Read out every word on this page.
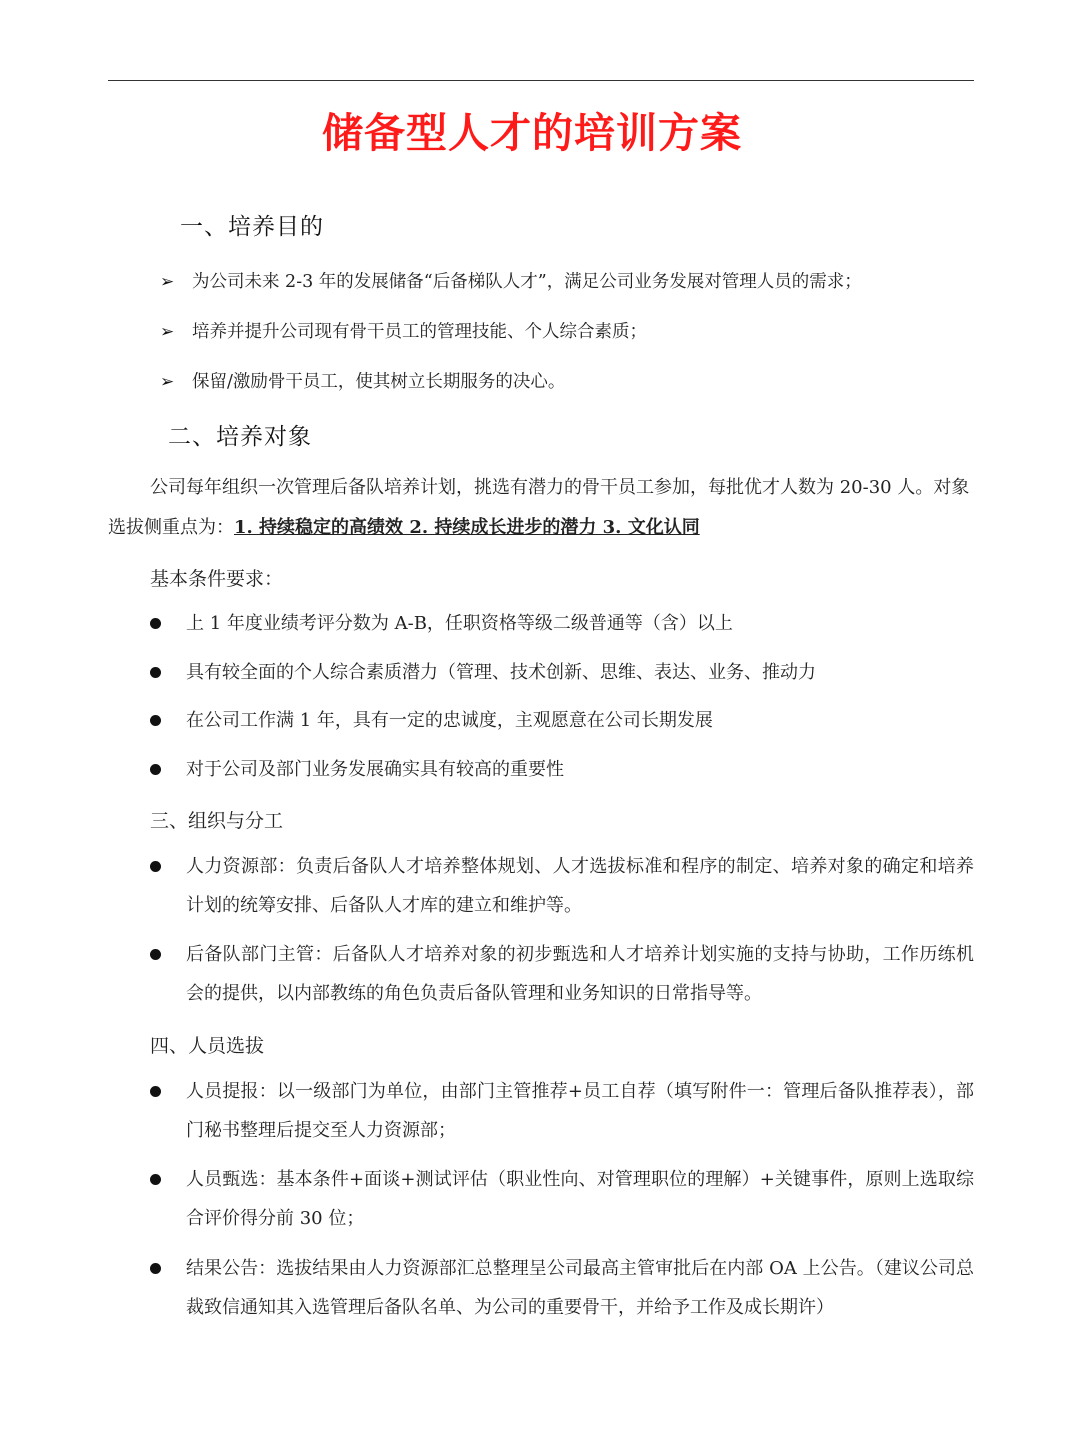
储备型人才的培训方案
一、培养目的
➢ 为公司未来 2-3 年的发展储备“后备梯队人才”，满足公司业务发展对管理人员的需求；
➢ 培养并提升公司现有骨干员工的管理技能、个人综合素质；
➢ 保留/激励骨干员工，使其树立长期服务的决心。
二、培养对象
公司每年组织一次管理后备队培养计划，挑选有潜力的骨干员工参加，每批优才人数为 20-30 人。对象选拔侧重点为：1. 持续稳定的高绩效 2. 持续成长进步的潜力 3. 文化认同
基本条件要求：
上 1 年度业绩考评分数为 A-B，任职资格等级二级普通等（含）以上
具有较全面的个人综合素质潜力（管理、技术创新、思维、表达、业务、推动力
在公司工作满 1 年，具有一定的忠诚度，主观愿意在公司长期发展
对于公司及部门业务发展确实具有较高的重要性
三、组织与分工
人力资源部：负责后备队人才培养整体规划、人才选拔标准和程序的制定、培养对象的确定和培养计划的统筹安排、后备队人才库的建立和维护等。
后备队部门主管：后备队人才培养对象的初步甄选和人才培养计划实施的支持与协助，工作历练机会的提供，以内部教练的角色负责后备队管理和业务知识的日常指导等。
四、人员选拔
人员提报：以一级部门为单位，由部门主管推荐+员工自荐（填写附件一：管理后备队推荐表），部门秘书整理后提交至人力资源部；
人员甄选：基本条件+面谈+测试评估（职业性向、对管理职位的理解）+关键事件，原则上选取综合评价得分前 30 位；
结果公告：选拔结果由人力资源部汇总整理呈公司最高主管审批后在内部 OA 上公告。（建议公司总裁致信通知其入选管理后备队名单、为公司的重要骨干，并给予工作及成长期许）
